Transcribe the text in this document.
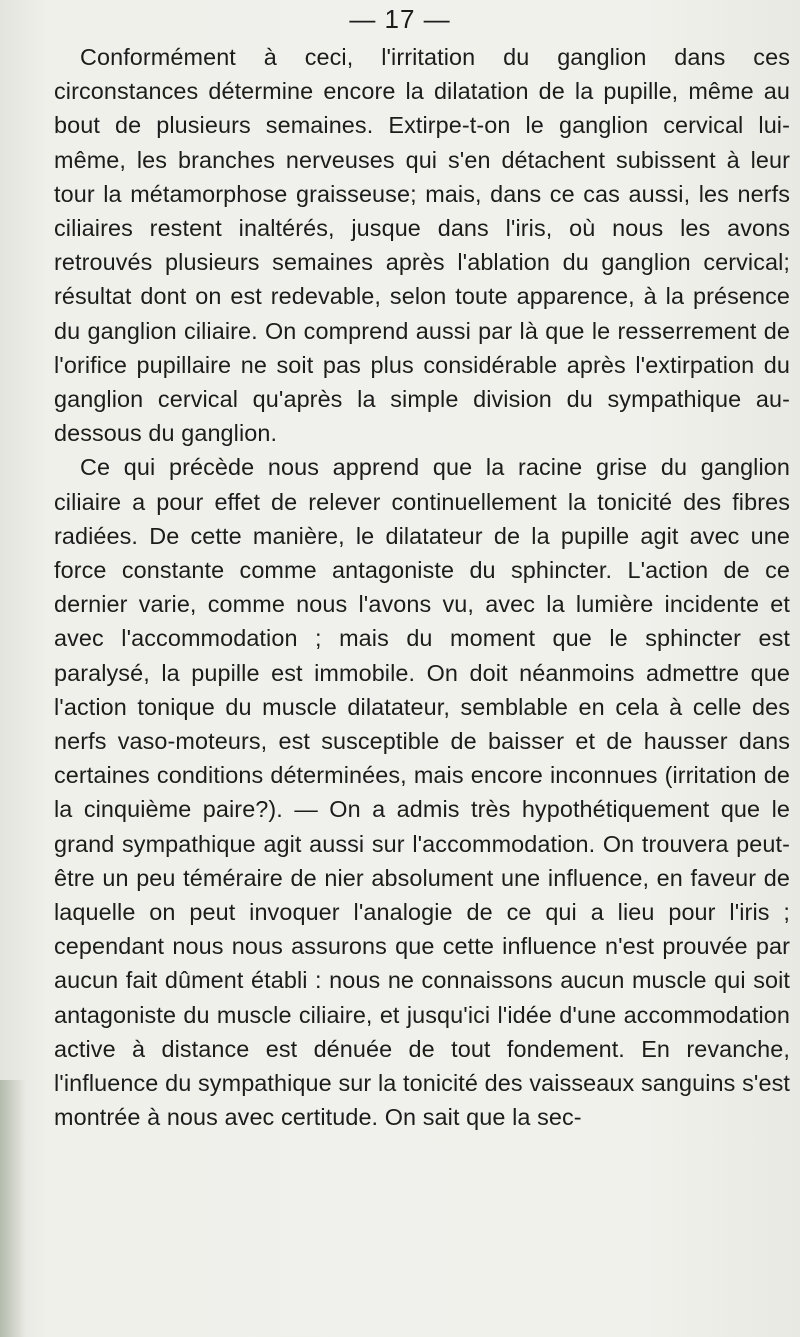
— 17 —

Conformément à ceci, l'irritation du ganglion dans ces circonstances détermine encore la dilatation de la pupille, même au bout de plusieurs semaines. Extirpe-t-on le ganglion cervical lui-même, les branches nerveuses qui s'en détachent subissent à leur tour la métamorphose graisseuse; mais, dans ce cas aussi, les nerfs ciliaires restent inaltérés, jusque dans l'iris, où nous les avons retrouvés plusieurs semaines après l'ablation du ganglion cervical; résultat dont on est redevable, selon toute apparence, à la présence du ganglion ciliaire. On comprend aussi par là que le resserrement de l'orifice pupillaire ne soit pas plus considérable après l'extirpation du ganglion cervical qu'après la simple division du sympathique au-dessous du ganglion.

Ce qui précède nous apprend que la racine grise du ganglion ciliaire a pour effet de relever continuellement la tonicité des fibres radiées. De cette manière, le dilatateur de la pupille agit avec une force constante comme antagoniste du sphincter. L'action de ce dernier varie, comme nous l'avons vu, avec la lumière incidente et avec l'accommodation ; mais du moment que le sphincter est paralysé, la pupille est immobile. On doit néanmoins admettre que l'action tonique du muscle dilatateur, semblable en cela à celle des nerfs vaso-moteurs, est susceptible de baisser et de hausser dans certaines conditions déterminées, mais encore inconnues (irritation de la cinquième paire?). — On a admis très hypothétiquement que le grand sympathique agit aussi sur l'accommodation. On trouvera peut-être un peu téméraire de nier absolument une influence, en faveur de laquelle on peut invoquer l'analogie de ce qui a lieu pour l'iris ; cependant nous nous assurons que cette influence n'est prouvée par aucun fait dûment établi : nous ne connaissons aucun muscle qui soit antagoniste du muscle ciliaire, et jusqu'ici l'idée d'une accommodation active à distance est dénuée de tout fondement. En revanche, l'influence du sympathique sur la tonicité des vaisseaux sanguins s'est montrée à nous avec certitude. On sait que la sec-
